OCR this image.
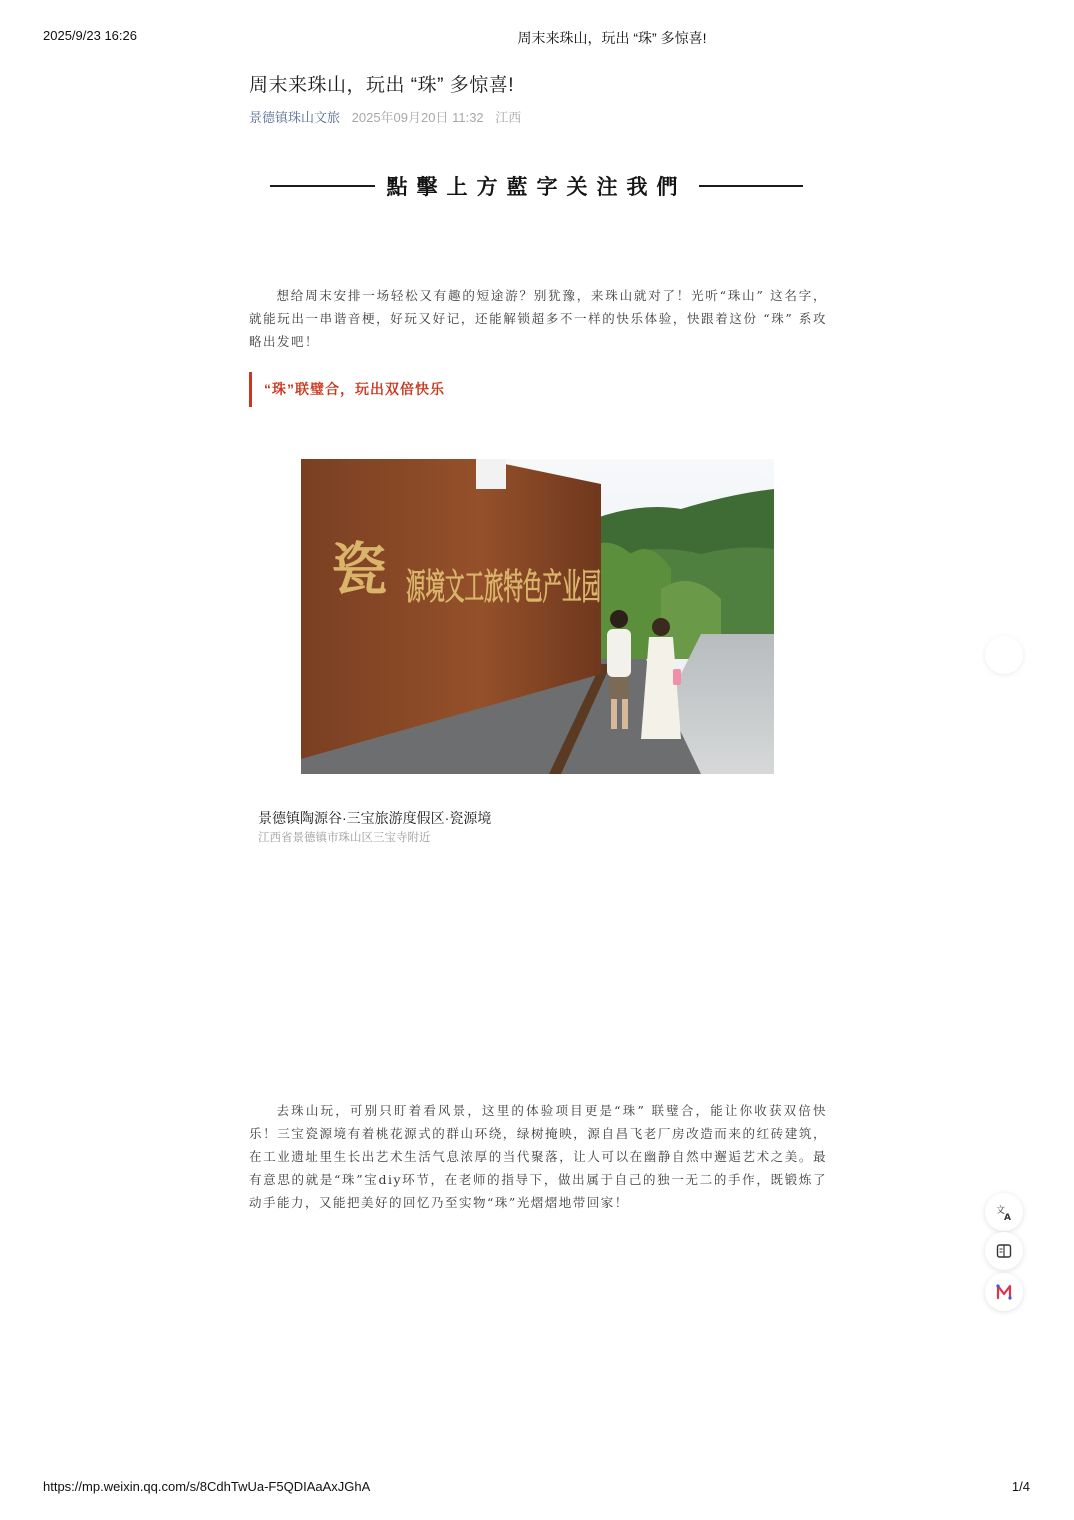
2025/9/23 16:26	周末来珠山，玩出 “珠” 多惊喜!
周末来珠山，玩出 “珠” 多惊喜!
景德镇珠山文旅 2025年09月20日 11:32 江西
點擊上方藍字关注我們
想给周末安排一场轻松又有趣的短途游？别犹豫，来珠山就对了！光听“珠山” 这名字，就能玩出一串谐音梗，好玩又好记，还能解锁超多不一样的快乐体验，快跟着这份 “珠” 系攻略出发吧！
“珠”联璧合，玩出双倍快乐
瓷 源境文工旅特色产业园
景德镇陶源谷·三宝旅游度假区·瓷源境
江西省景德镇市珠山区三宝寺附近
去珠山玩，可别只盯着看风景，这里的体验项目更是“珠” 联璧合，能让你收获双倍快乐！三宝瓷源境有着桃花源式的群山环绕，绿树掩映，源自昌飞老厂房改造而来的红砖建筑，在工业遗址里生长出艺术生活气息浓厚的当代聚落，让人可以在幽静自然中邂逅艺术之美。最有意思的就是“珠”宝diy环节，在老师的指导下，做出属于自己的独一无二的手作，既锻炼了动手能力，又能把美好的回忆乃至实物“珠”光熠熠地带回家！
文
A
https://mp.weixin.qq.com/s/8CdhTwUa-F5QDIAaAxJGhA	1/4
